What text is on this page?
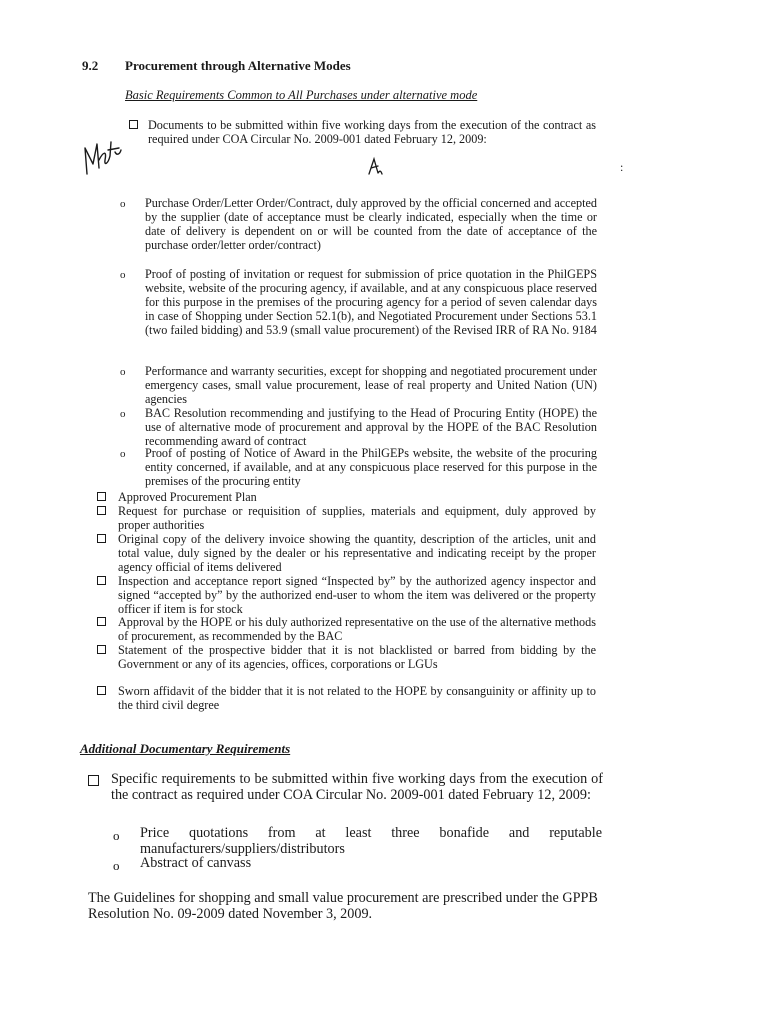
9.2 Procurement through Alternative Modes
Basic Requirements Common to All Purchases under alternative mode
:
Documents to be submitted within five working days from the execution of the contract as required under COA Circular No. 2009-001 dated February 12, 2009:
o Purchase Order/Letter Order/Contract, duly approved by the official concerned and accepted by the supplier (date of acceptance must be clearly indicated, especially when the time or date of delivery is dependent on or will be counted from the date of acceptance of the purchase order/letter order/contract)
o Proof of posting of invitation or request for submission of price quotation in the PhilGEPS website, website of the procuring agency, if available, and at any conspicuous place reserved for this purpose in the premises of the procuring agency for a period of seven calendar days in case of Shopping under Section 52.1(b), and Negotiated Procurement under Sections 53.1 (two failed bidding) and 53.9 (small value procurement) of the Revised IRR of RA No. 9184
o Performance and warranty securities, except for shopping and negotiated procurement under emergency cases, small value procurement, lease of real property and United Nation (UN) agencies
o BAC Resolution recommending and justifying to the Head of Procuring Entity (HOPE) the use of alternative mode of procurement and approval by the HOPE of the BAC Resolution recommending award of contract
o Proof of posting of Notice of Award in the PhilGEPs website, the website of the procuring entity concerned, if available, and at any conspicuous place reserved for this purpose in the premises of the procuring entity
Approved Procurement Plan
Request for purchase or requisition of supplies, materials and equipment, duly approved by proper authorities
Original copy of the delivery invoice showing the quantity, description of the articles, unit and total value, duly signed by the dealer or his representative and indicating receipt by the proper agency official of items delivered
Inspection and acceptance report signed “Inspected by” by the authorized agency inspector and signed “accepted by” by the authorized end-user to whom the item was delivered or the property officer if item is for stock
Approval by the HOPE or his duly authorized representative on the use of the alternative methods of procurement, as recommended by the BAC
Statement of the prospective bidder that it is not blacklisted or barred from bidding by the Government or any of its agencies, offices, corporations or LGUs
Sworn affidavit of the bidder that it is not related to the HOPE by consanguinity or affinity up to the third civil degree
Additional Documentary Requirements
Specific requirements to be submitted within five working days from the execution of the contract as required under COA Circular No. 2009-001 dated February 12, 2009:
o Price quotations from at least three bonafide and reputable manufacturers/suppliers/distributors
o Abstract of canvass
The Guidelines for shopping and small value procurement are prescribed under the GPPB Resolution No. 09-2009 dated November 3, 2009.
